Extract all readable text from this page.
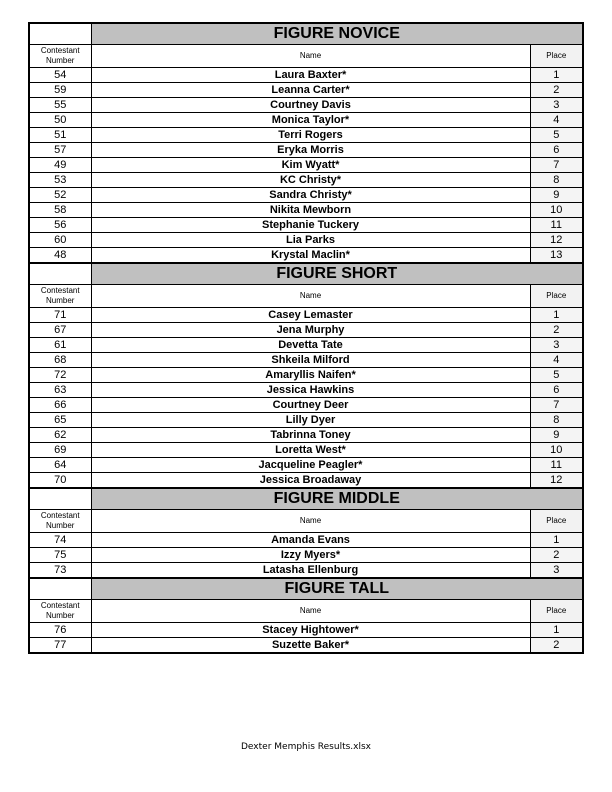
	FIGURE NOVICE	
Contestant Number	Name	Place
54	Laura Baxter*	1
59	Leanna Carter*	2
55	Courtney Davis	3
50	Monica Taylor*	4
51	Terri Rogers	5
57	Eryka Morris	6
49	Kim Wyatt*	7
53	KC Christy*	8
52	Sandra Christy*	9
58	Nikita Mewborn	10
56	Stephanie Tuckery	11
60	Lia Parks	12
48	Krystal Maclin*	13
	FIGURE SHORT	
Contestant Number	Name	Place
71	Casey Lemaster	1
67	Jena Murphy	2
61	Devetta Tate	3
68	Shkeila Milford	4
72	Amaryllis Naifen*	5
63	Jessica Hawkins	6
66	Courtney Deer	7
65	Lilly Dyer	8
62	Tabrinna Toney	9
69	Loretta West*	10
64	Jacqueline Peagler*	11
70	Jessica Broadaway	12
	FIGURE MIDDLE	
Contestant Number	Name	Place
74	Amanda Evans	1
75	Izzy Myers*	2
73	Latasha Ellenburg	3
	FIGURE TALL	
Contestant Number	Name	Place
76	Stacey Hightower*	1
77	Suzette Baker*	2
Dexter Memphis Results.xlsx
